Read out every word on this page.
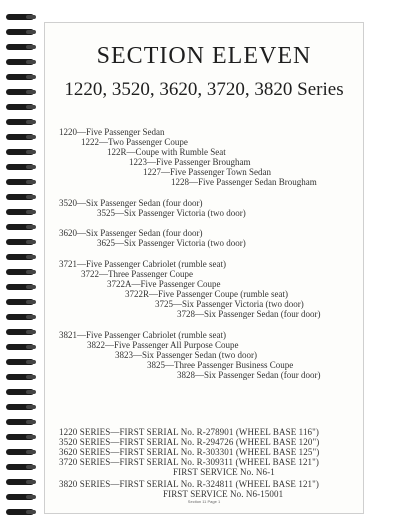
SECTION ELEVEN
1220, 3520, 3620, 3720, 3820 Series
1220—Five Passenger Sedan
1222—Two Passenger Coupe
122R—Coupe with Rumble Seat
1223—Five Passenger Brougham
1227—Five Passenger Town Sedan
1228—Five Passenger Sedan Brougham
3520—Six Passenger Sedan (four door)
3525—Six Passenger Victoria (two door)
3620—Six Passenger Sedan (four door)
3625—Six Passenger Victoria (two door)
3721—Five Passenger Cabriolet (rumble seat)
3722—Three Passenger Coupe
3722A—Five Passenger Coupe
3722R—Five Passenger Coupe (rumble seat)
3725—Six Passenger Victoria (two door)
3728—Six Passenger Sedan (four door)
3821—Five Passenger Cabriolet (rumble seat)
3822—Five Passenger All Purpose Coupe
3823—Six Passenger Sedan (two door)
3825—Three Passenger Business Coupe
3828—Six Passenger Sedan (four door)
1220 SERIES—FIRST SERIAL No. R-278901 (WHEEL BASE 116")
3520 SERIES—FIRST SERIAL No. R-294726 (WHEEL BASE 120")
3620 SERIES—FIRST SERIAL No. R-303301 (WHEEL BASE 125")
3720 SERIES—FIRST SERIAL No. R-309311 (WHEEL BASE 121")
FIRST SERVICE No. N6-1
3820 SERIES—FIRST SERIAL No. R-324811 (WHEEL BASE 121")
FIRST SERVICE No. N6-15001
Section 11 Page 1
